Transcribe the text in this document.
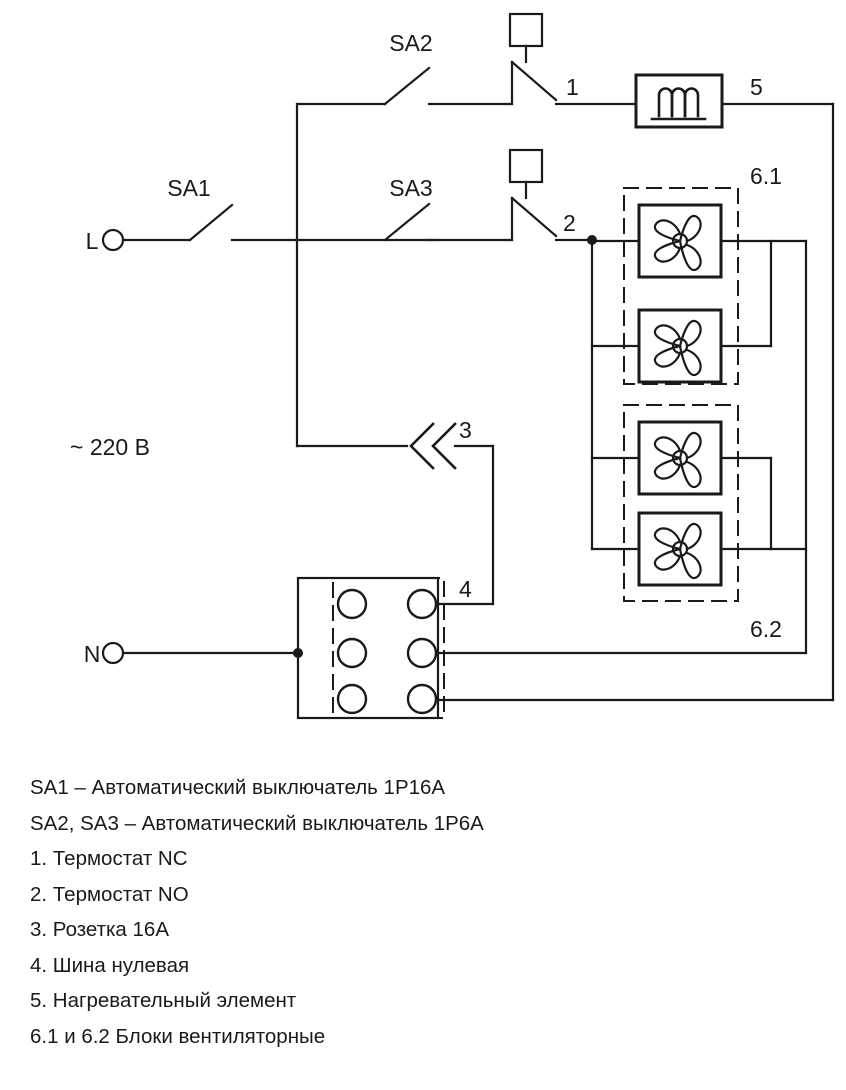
L
N
SA1
SA2
SA3
~ 220 В
1
2
3
4
5
6.1
6.2
SA1 – Автоматический выключатель 1P16A
SA2, SA3 – Автоматический выключатель 1P6A
1. Термостат NC
2. Термостат NO
3. Розетка 16A
4. Шина нулевая
5. Нагревательный элемент
6.1 и 6.2 Блоки вентиляторные
